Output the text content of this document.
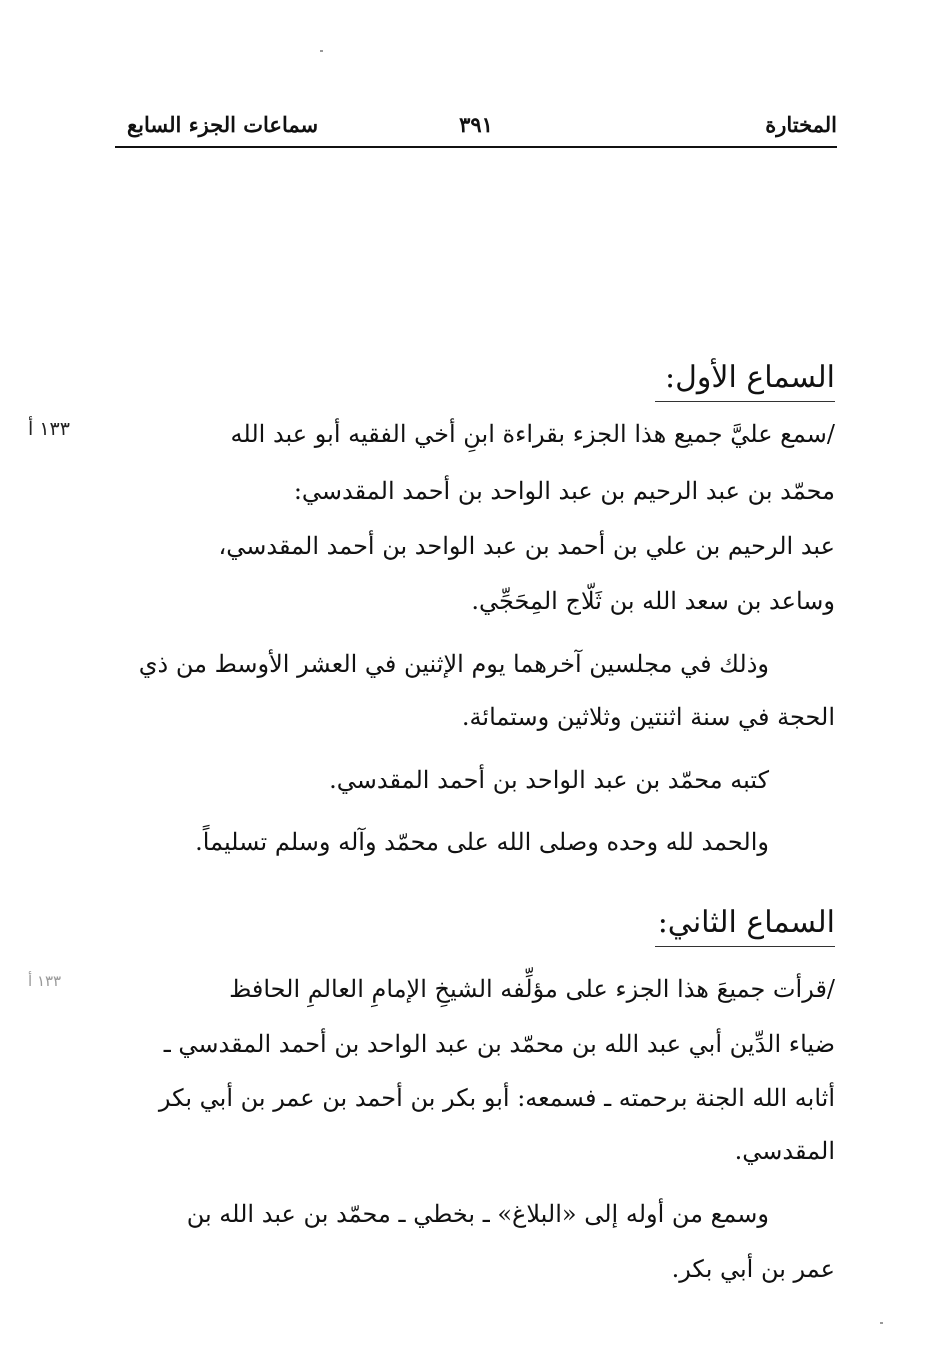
المختارة
٣٩١
سماعات الجزء السابع
السماع الأول:
١٣٣ أ	/سمع عليَّ جميع هذا الجزء بقراءة ابنِ أخي الفقيه أبو عبد الله
محمّد بن عبد الرحيم بن عبد الواحد بن أحمد المقدسي:
عبد الرحيم بن علي بن أحمد بن عبد الواحد بن أحمد المقدسي،
وساعد بن سعد الله بن ثَلّاج المِحَجِّي.
وذلك في مجلسين آخرهما يوم الإثنين في العشر الأوسط من ذي
الحجة في سنة اثنتين وثلاثين وستمائة.
كتبه محمّد بن عبد الواحد بن أحمد المقدسي.
والحمد لله وحده وصلى الله على محمّد وآله وسلم تسليماً.
السماع الثاني:
١٣٣ أ	/قرأت جميعَ هذا الجزء على مؤلِّفه الشيخِ الإمامِ العالمِ الحافظ
ضياء الدِّين أبي عبد الله بن محمّد بن عبد الواحد بن أحمد المقدسي ـ
أثابه الله الجنة برحمته ـ فسمعه: أبو بكر بن أحمد بن عمر بن أبي بكر
المقدسي.
وسمع من أوله إلى «البلاغ» ـ بخطي ـ محمّد بن عبد الله بن
عمر بن أبي بكر.
